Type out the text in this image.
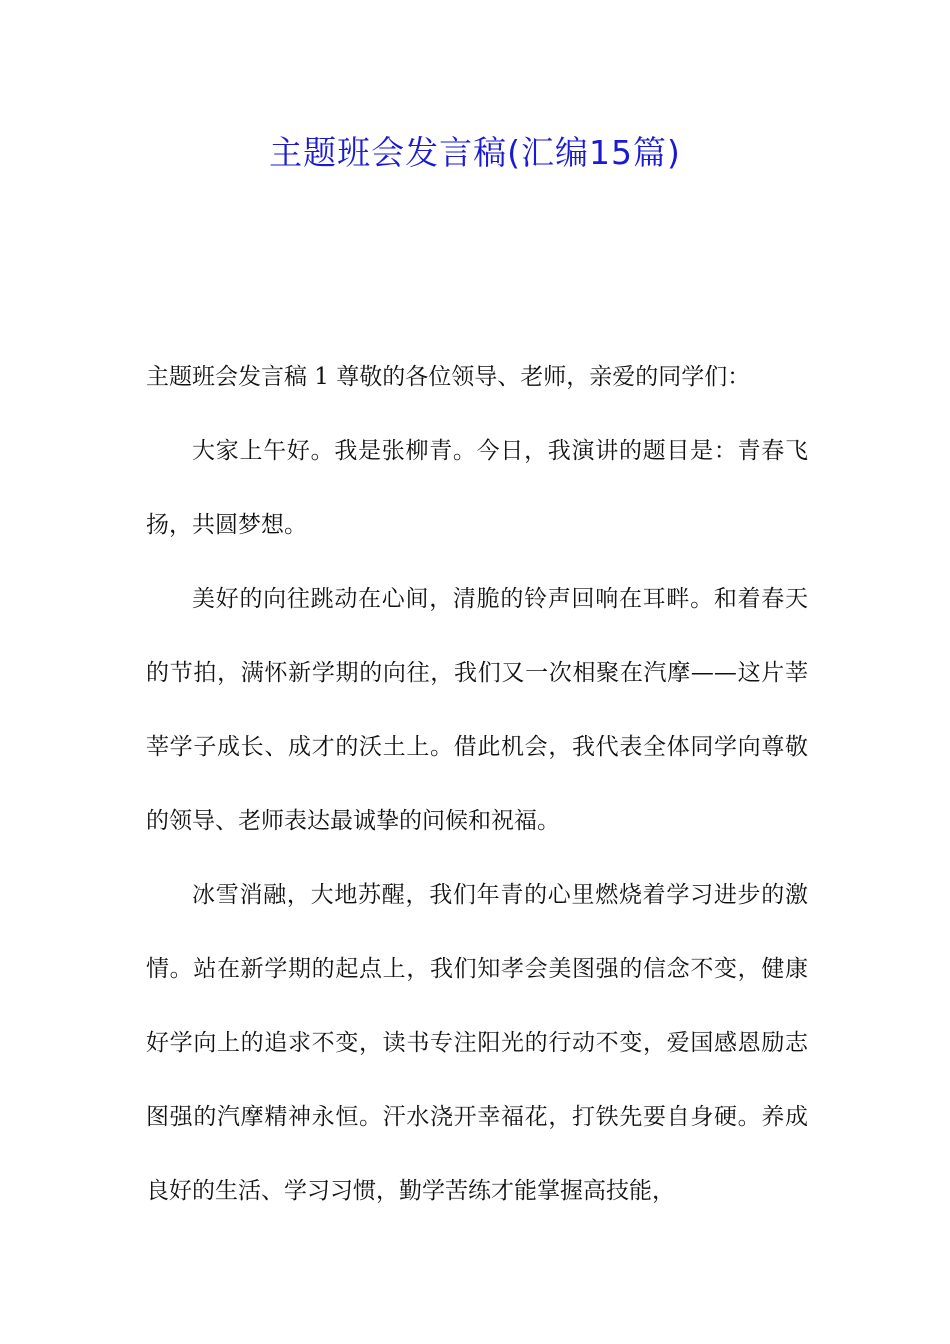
主题班会发言稿(汇编15篇)

主题班会发言稿 1 尊敬的各位领导、老师，亲爱的同学们：

大家上午好。我是张柳青。今日，我演讲的题目是：青春飞扬，共圆梦想。

美好的向往跳动在心间，清脆的铃声回响在耳畔。和着春天的节拍，满怀新学期的向往，我们又一次相聚在汽摩——这片莘莘学子成长、成才的沃土上。借此机会，我代表全体同学向尊敬的领导、老师表达最诚挚的问候和祝福。

冰雪消融，大地苏醒，我们年青的心里燃烧着学习进步的激情。站在新学期的起点上，我们知孝会美图强的信念不变，健康好学向上的追求不变，读书专注阳光的行动不变，爱国感恩励志图强的汽摩精神永恒。汗水浇开幸福花，打铁先要自身硬。养成良好的生活、学习习惯，勤学苦练才能掌握高技能，
